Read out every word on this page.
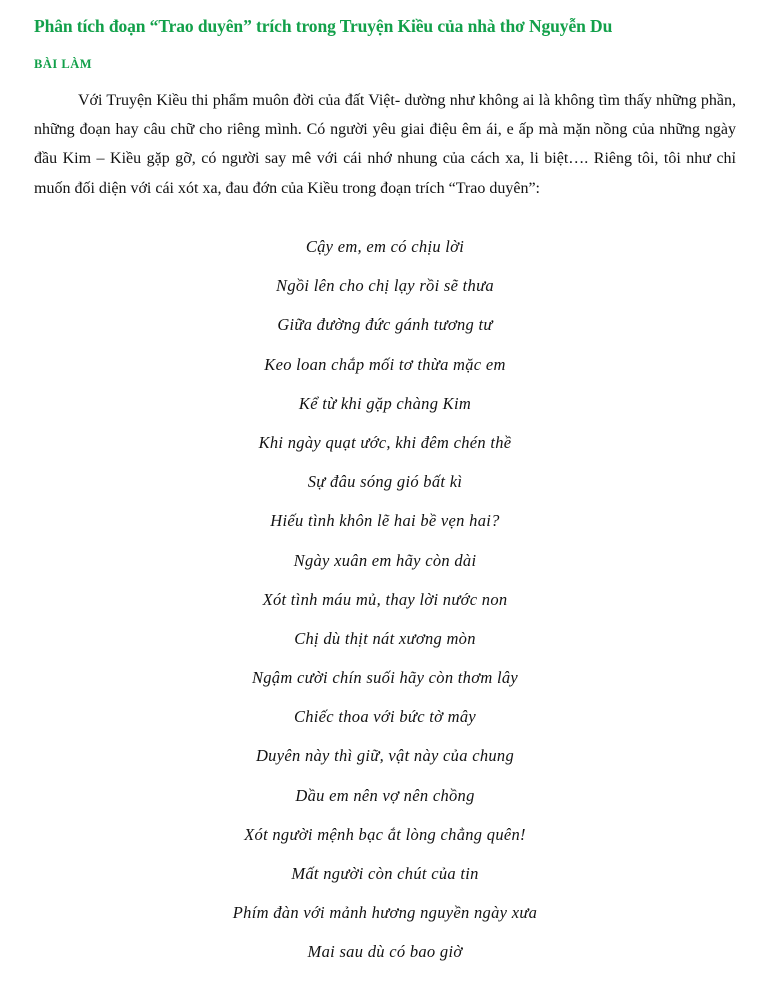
Phân tích đoạn “Trao duyên” trích trong Truyện Kiều của nhà thơ Nguyễn Du
BÀI LÀM

Với Truyện Kiều thi phẩm muôn đời của đất Việt- dường như không ai là không tìm thấy những phần, những đoạn hay câu chữ cho riêng mình. Có người yêu giai điệu êm ái, e ấp mà mặn nồng của những ngày đầu Kim – Kiều gặp gỡ, có người say mê với cái nhớ nhung của cách xa, li biệt…. Riêng tôi, tôi như chỉ muốn đối diện với cái xót xa, đau đớn của Kiều trong đoạn trích “Trao duyên”:

Cậy em, em có chịu lời
Ngồi lên cho chị lạy rồi sẽ thưa
Giữa đường đức gánh tương tư
Keo loan chắp mối tơ thừa mặc em
Kể từ khi gặp chàng Kim
Khi ngày quạt ước, khi đêm chén thề
Sự đâu sóng gió bất kì
Hiếu tình khôn lẽ hai bề vẹn hai?
Ngày xuân em hãy còn dài
Xót tình máu mủ, thay lời nước non
Chị dù thịt nát xương mòn
Ngậm cười chín suối hãy còn thơm lây
Chiếc thoa với bức tờ mây
Duyên này thì giữ, vật này của chung
Dầu em nên vợ nên chồng
Xót người mệnh bạc ắt lòng chẳng quên!
Mất người còn chút của tin
Phím đàn với mảnh hương nguyền ngày xưa
Mai sau dù có bao giờ
